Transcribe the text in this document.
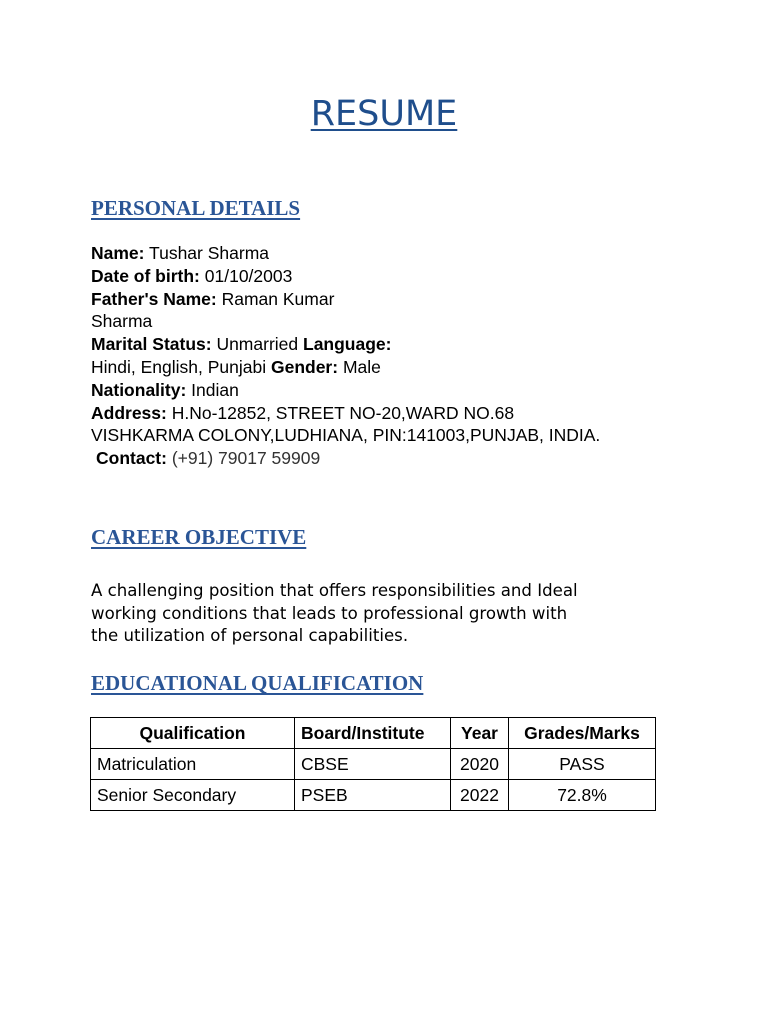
RESUME
PERSONAL DETAILS
Name: Tushar Sharma
Date of birth: 01/10/2003
Father's Name: Raman Kumar
Sharma
Marital Status: Unmarried Language:
Hindi, English, Punjabi Gender: Male
Nationality: Indian
Address: H.No-12852, STREET NO-20,WARD NO.68
VISHKARMA COLONY,LUDHIANA, PIN:141003,PUNJAB, INDIA.
Contact: (+91) 79017 59909
CAREER OBJECTIVE
A challenging position that offers responsibilities and Ideal
working conditions that leads to professional growth with
the utilization of personal capabilities.
EDUCATIONAL QUALIFICATION
Qualification	Board/Institute	Year	Grades/Marks
Matriculation	CBSE	2020	PASS
Senior Secondary	PSEB	2022	72.8%
